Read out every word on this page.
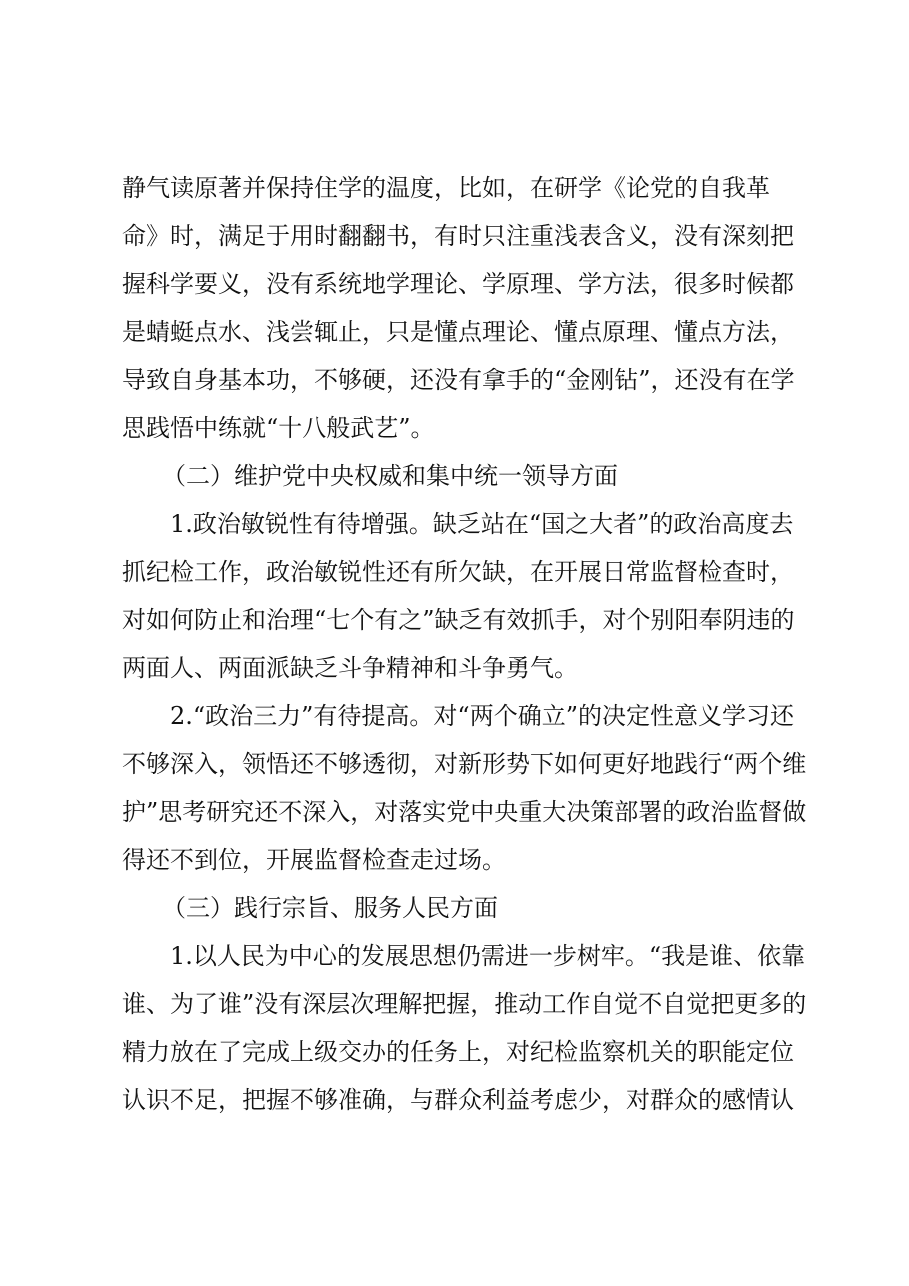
静气读原著并保持住学的温度，比如，在研学《论党的自我革
命》时，满足于用时翻翻书，有时只注重浅表含义，没有深刻把
握科学要义，没有系统地学理论、学原理、学方法，很多时候都
是蜻蜓点水、浅尝辄止，只是懂点理论、懂点原理、懂点方法，
导致自身基本功，不够硬，还没有拿手的“金刚钻”，还没有在学
思践悟中练就“十八般武艺”。
（二）维护党中央权威和集中统一领导方面
1.政治敏锐性有待增强。缺乏站在“国之大者”的政治高度去
抓纪检工作，政治敏锐性还有所欠缺，在开展日常监督检查时，
对如何防止和治理“七个有之”缺乏有效抓手，对个别阳奉阴违的
两面人、两面派缺乏斗争精神和斗争勇气。
2.“政治三力”有待提高。对“两个确立”的决定性意义学习还
不够深入，领悟还不够透彻，对新形势下如何更好地践行“两个维
护”思考研究还不深入，对落实党中央重大决策部署的政治监督做
得还不到位，开展监督检查走过场。
（三）践行宗旨、服务人民方面
1.以人民为中心的发展思想仍需进一步树牢。“我是谁、依靠
谁、为了谁”没有深层次理解把握，推动工作自觉不自觉把更多的
精力放在了完成上级交办的任务上，对纪检监察机关的职能定位
认识不足，把握不够准确，与群众利益考虑少，对群众的感情认
